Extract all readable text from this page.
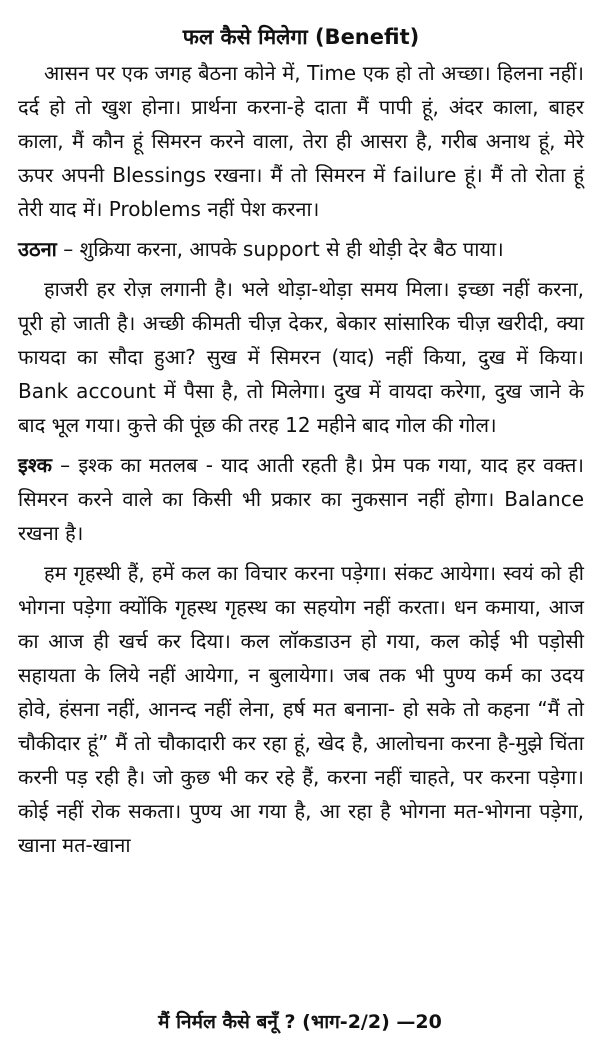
फल कैसे मिलेगा (Benefit)

आसन पर एक जगह बैठना कोने में, Time एक हो तो अच्छा। हिलना नहीं। दर्द हो तो खुश होना। प्रार्थना करना-हे दाता मैं पापी हूं, अंदर काला, बाहर काला, मैं कौन हूं सिमरन करने वाला, तेरा ही आसरा है, गरीब अनाथ हूं, मेरे ऊपर अपनी Blessings रखना। मैं तो सिमरन में failure हूं। मैं तो रोता हूं तेरी याद में। Problems नहीं पेश करना।

उठना – शुक्रिया करना, आपके support से ही थोड़ी देर बैठ पाया।

हाजरी हर रोज़ लगानी है। भले थोड़ा-थोड़ा समय मिला। इच्छा नहीं करना, पूरी हो जाती है। अच्छी कीमती चीज़ देकर, बेकार सांसारिक चीज़ खरीदी, क्या फायदा का सौदा हुआ? सुख में सिमरन (याद) नहीं किया, दुख में किया। Bank account में पैसा है, तो मिलेगा। दुख में वायदा करेगा, दुख जाने के बाद भूल गया। कुत्ते की पूंछ की तरह 12 महीने बाद गोल की गोल।

इश्क – इश्क का मतलब - याद आती रहती है। प्रेम पक गया, याद हर वक्त। सिमरन करने वाले का किसी भी प्रकार का नुकसान नहीं होगा। Balance रखना है।

हम गृहस्थी हैं, हमें कल का विचार करना पड़ेगा। संकट आयेगा। स्वयं को ही भोगना पड़ेगा क्योंकि गृहस्थ गृहस्थ का सहयोग नहीं करता। धन कमाया, आज का आज ही खर्च कर दिया। कल लॉकडाउन हो गया, कल कोई भी पड़ोसी सहायता के लिये नहीं आयेगा, न बुलायेगा। जब तक भी पुण्य कर्म का उदय होवे, हंसना नहीं, आनन्द नहीं लेना, हर्ष मत बनाना- हो सके तो कहना “मैं तो चौकीदार हूं” मैं तो चौकादारी कर रहा हूं, खेद है, आलोचना करना है-मुझे चिंता करनी पड़ रही है। जो कुछ भी कर रहे हैं, करना नहीं चाहते, पर करना पड़ेगा। कोई नहीं रोक सकता। पुण्य आ गया है, आ रहा है भोगना मत-भोगना पड़ेगा, खाना मत-खाना

मैं निर्मल कैसे बनूँ ? (भाग-2/2) —20
